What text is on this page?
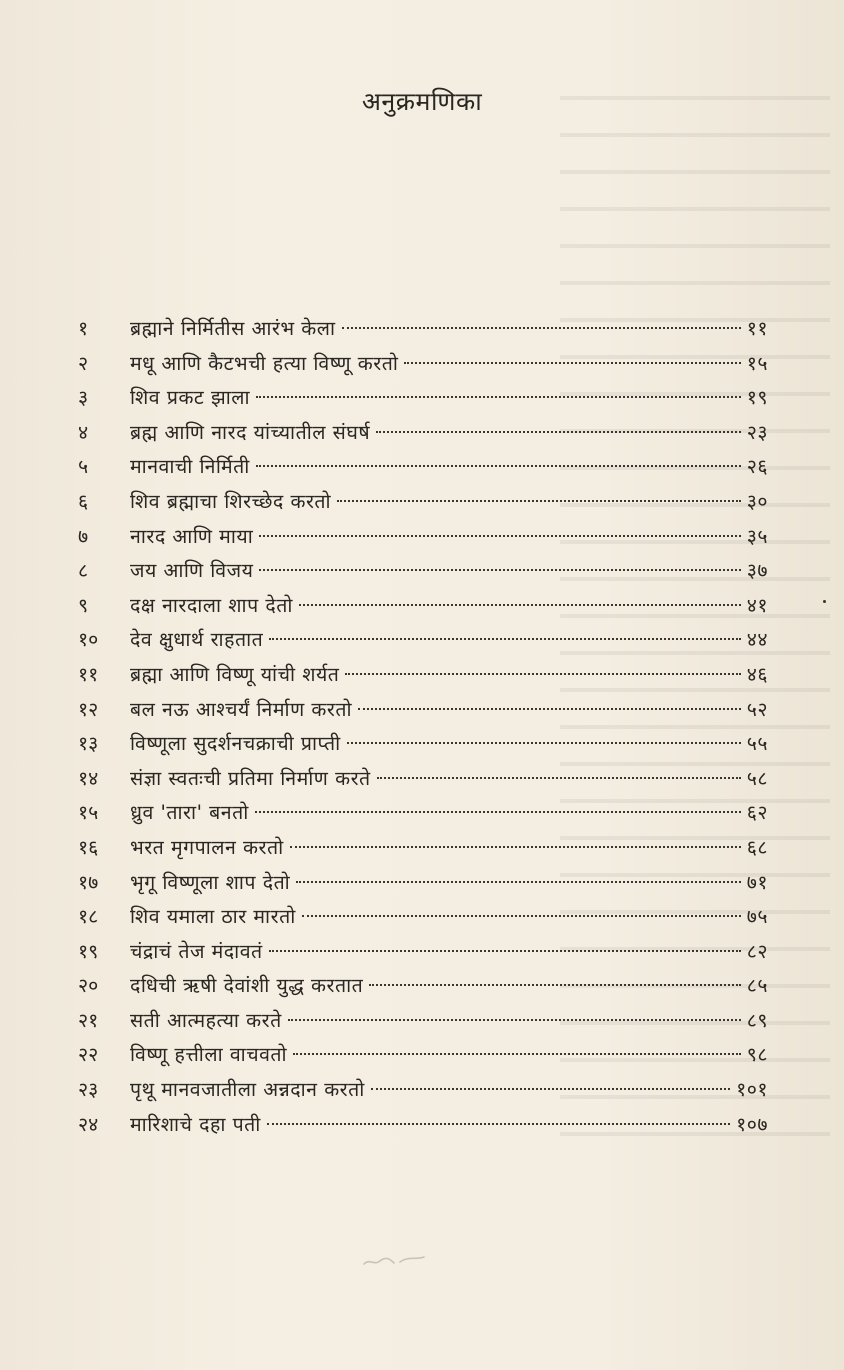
अनुक्रमणिका
१	ब्रह्माने निर्मितीस आरंभ केला	११
२	मधू आणि कैटभची हत्या विष्णू करतो	१५
३	शिव प्रकट झाला	१९
४	ब्रह्म आणि नारद यांच्यातील संघर्ष	२३
५	मानवाची निर्मिती	२६
६	शिव ब्रह्माचा शिरच्छेद करतो	३०
७	नारद आणि माया	३५
८	जय आणि विजय	३७
९	दक्ष नारदाला शाप देतो	४१
१०	देव क्षुधार्थ राहतात	४४
११	ब्रह्मा आणि विष्णू यांची शर्यत	४६
१२	बल नऊ आश्चर्यं निर्माण करतो	५२
१३	विष्णूला सुदर्शनचक्राची प्राप्ती	५५
१४	संज्ञा स्वतःची प्रतिमा निर्माण करते	५८
१५	ध्रुव 'तारा' बनतो	६२
१६	भरत मृगपालन करतो	६८
१७	भृगू विष्णूला शाप देतो	७१
१८	शिव यमाला ठार मारतो	७५
१९	चंद्राचं तेज मंदावतं	८२
२०	दधिची ऋषी देवांशी युद्ध करतात	८५
२१	सती आत्महत्या करते	८९
२२	विष्णू हत्तीला वाचवतो	९८
२३	पृथू मानवजातीला अन्नदान करतो	१०१
२४	मारिशाचे दहा पती	१०७
